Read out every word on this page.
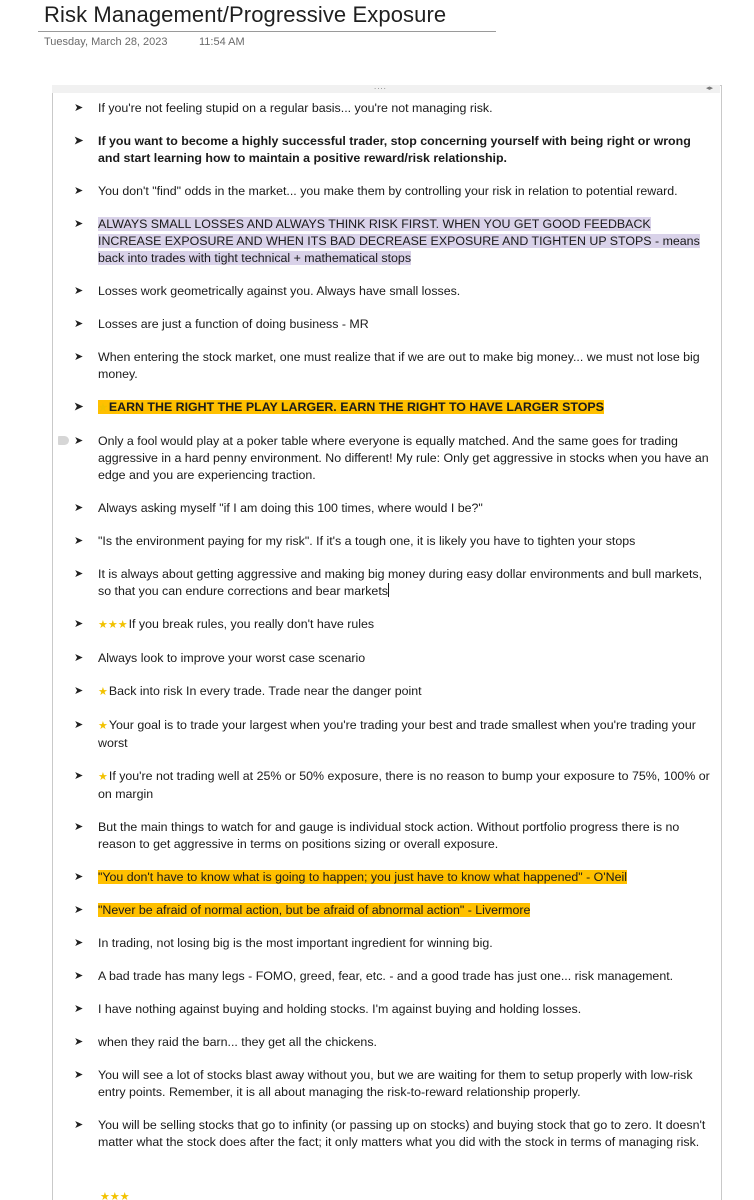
Risk Management/Progressive Exposure
Tuesday, March 28, 2023	11:54 AM
....	◂▸
➤ If you're not feeling stupid on a regular basis... you're not managing risk.
➤ If you want to become a highly successful trader, stop concerning yourself with being right or wrong and start learning how to maintain a positive reward/risk relationship.
➤ You don't "find" odds in the market... you make them by controlling your risk in relation to potential reward.
➤ ALWAYS SMALL LOSSES AND ALWAYS THINK RISK FIRST. WHEN YOU GET GOOD FEEDBACK INCREASE EXPOSURE AND WHEN ITS BAD DECREASE EXPOSURE AND TIGHTEN UP STOPS - means back into trades with tight technical + mathematical stops
➤ Losses work geometrically against you. Always have small losses.
➤ Losses are just a function of doing business - MR
➤ When entering the stock market, one must realize that if we are out to make big money... we must not lose big money.
➤ ★EARN THE RIGHT THE PLAY LARGER. EARN THE RIGHT TO HAVE LARGER STOPS
➤ Only a fool would play at a poker table where everyone is equally matched. And the same goes for trading aggressive in a hard penny environment. No different! My rule: Only get aggressive in stocks when you have an edge and you are experiencing traction.
➤ Always asking myself "if I am doing this 100 times, where would I be?"
➤ "Is the environment paying for my risk". If it's a tough one, it is likely you have to tighten your stops
➤ It is always about getting aggressive and making big money during easy dollar environments and bull markets, so that you can endure corrections and bear markets
➤ ★★★If you break rules, you really don't have rules
➤ Always look to improve your worst case scenario
➤ ★Back into risk In every trade. Trade near the danger point
➤ ★Your goal is to trade your largest when you're trading your best and trade smallest when you're trading your worst
➤ ★If you're not trading well at 25% or 50% exposure, there is no reason to bump your exposure to 75%, 100% or on margin
➤ But the main things to watch for and gauge is individual stock action. Without portfolio progress there is no reason to get aggressive in terms on positions sizing or overall exposure.
➤ "You don't have to know what is going to happen; you just have to know what happened" - O'Neil
➤ "Never be afraid of normal action, but be afraid of abnormal action" - Livermore
➤ In trading, not losing big is the most important ingredient for winning big.
➤ A bad trade has many legs - FOMO, greed, fear, etc. - and a good trade has just one... risk management.
➤ I have nothing against buying and holding stocks. I'm against buying and holding losses.
➤ when they raid the barn... they get all the chickens.
➤ You will see a lot of stocks blast away without you, but we are waiting for them to setup properly with low-risk entry points. Remember, it is all about managing the risk-to-reward relationship properly.
➤ You will be selling stocks that go to infinity (or passing up on stocks) and buying stock that go to zero. It doesn't matter what the stock does after the fact; it only matters what you did with the stock in terms of managing risk.
★★★
